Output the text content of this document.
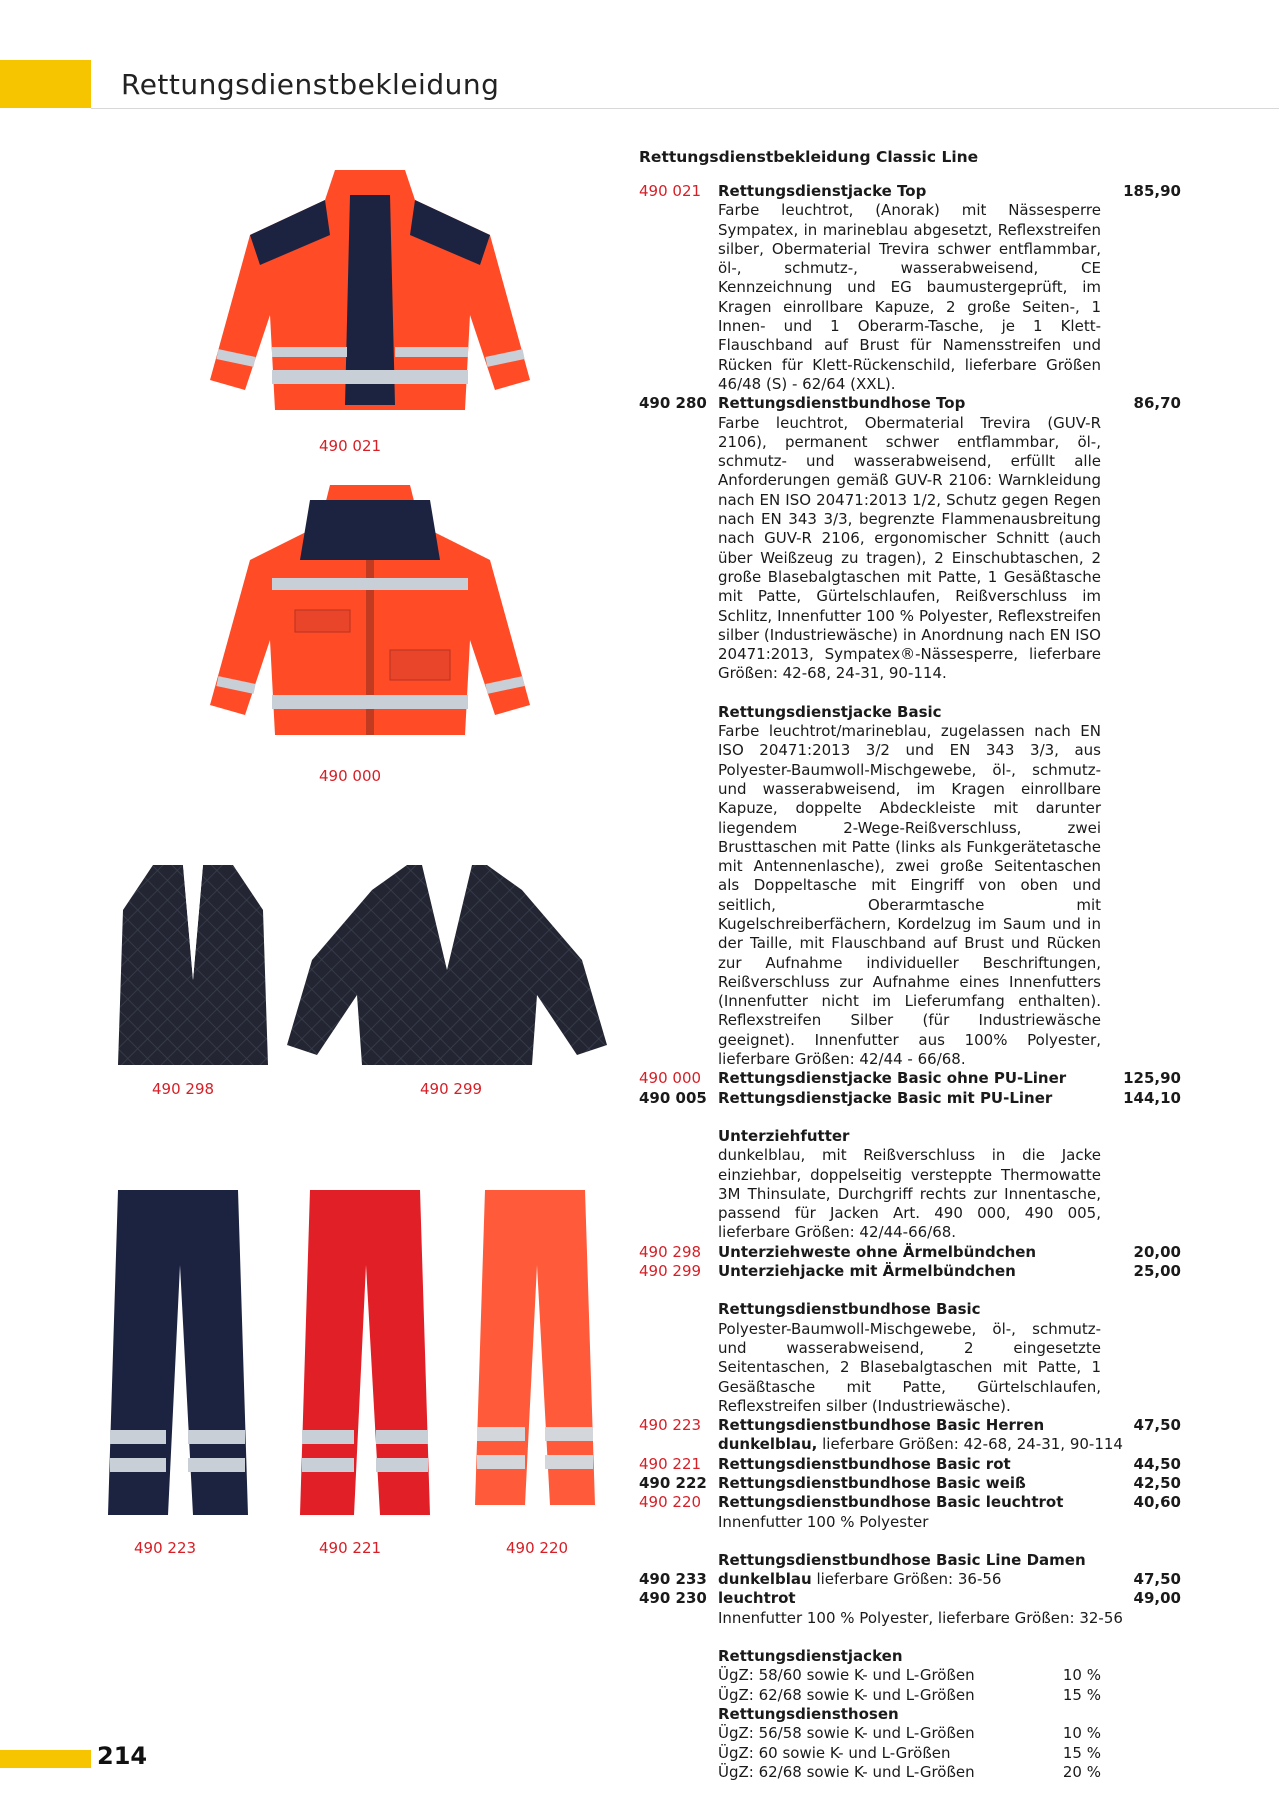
Rettungsdienstbekleidung
490 021
490 000
490 298	490 299
490 223	490 221	490 220
Rettungsdienstbekleidung Classic Line
490 021	Rettungsdienstjacke Top	185,90
Farbe leuchtrot, (Anorak) mit Nässesperre Sympatex, in marineblau abgesetzt, Reflexstreifen silber, Obermaterial Trevira schwer entflammbar, öl-, schmutz-, wasserabweisend, CE Kennzeichnung und EG baumustergeprüft, im Kragen einrollbare Kapuze, 2 große Seiten-, 1 Innen- und 1 Oberarm-Tasche, je 1 Klett-Flauschband auf Brust für Namensstreifen und Rücken für Klett-Rückenschild, lieferbare Größen 46/48 (S) - 62/64 (XXL).
490 280 Rettungsdienstbundhose Top	86,70
Farbe leuchtrot, Obermaterial Trevira (GUV-R 2106), permanent schwer entflammbar, öl-, schmutz- und wasserabweisend, erfüllt alle Anforderungen gemäß GUV-R 2106: Warnkleidung nach EN ISO 20471:2013 1/2, Schutz gegen Regen nach EN 343 3/3, begrenzte Flammenausbreitung nach GUV-R 2106, ergonomischer Schnitt (auch über Weißzeug zu tragen), 2 Einschubtaschen, 2 große Blasebalgtaschen mit Patte, 1 Gesäßtasche mit Patte, Gürtelschlaufen, Reißverschluss im Schlitz, Innenfutter 100 % Polyester, Reflexstreifen silber (Industriewäsche) in Anordnung nach EN ISO 20471:2013, Sympatex®-Nässesperre, lieferbare Größen: 42-68, 24-31, 90-114.
Rettungsdienstjacke Basic
Farbe leuchtrot/marineblau, zugelassen nach EN ISO 20471:2013 3/2 und EN 343 3/3, aus Polyester-Baumwoll-Mischgewebe, öl-, schmutz- und wasserabweisend, im Kragen einrollbare Kapuze, doppelte Abdeckleiste mit darunter liegendem 2-Wege-Reißverschluss, zwei Brusttaschen mit Patte (links als Funkgerätetasche mit Antennenlasche), zwei große Seitentaschen als Doppeltasche mit Eingriff von oben und seitlich, Oberarmtasche mit Kugelschreiberfächern, Kordelzug im Saum und in der Taille, mit Flauschband auf Brust und Rücken zur Aufnahme individueller Beschriftungen, Reißverschluss zur Aufnahme eines Innenfutters (Innenfutter nicht im Lieferumfang enthalten). Reflexstreifen Silber (für Industriewäsche geeignet). Innenfutter aus 100% Polyester, lieferbare Größen: 42/44 - 66/68.
490 000	Rettungsdienstjacke Basic ohne PU-Liner	125,90
490 005 Rettungsdienstjacke Basic mit PU-Liner	144,10
Unterziehfutter
dunkelblau, mit Reißverschluss in die Jacke einziehbar, doppelseitig versteppte Thermowatte 3M Thinsulate, Durchgriff rechts zur Innentasche, passend für Jacken Art. 490 000, 490 005, lieferbare Größen: 42/44-66/68.
490 298	Unterziehweste ohne Ärmelbündchen	20,00
490 299	Unterziehjacke mit Ärmelbündchen	25,00
Rettungsdienstbundhose Basic
Polyester-Baumwoll-Mischgewebe, öl-, schmutz- und wasserabweisend, 2 eingesetzte Seitentaschen, 2 Blasebalgtaschen mit Patte, 1 Gesäßtasche mit Patte, Gürtelschlaufen, Reflexstreifen silber (Industriewäsche).
490 223	Rettungsdienstbundhose Basic Herren	47,50
dunkelblau, lieferbare Größen: 42-68, 24-31, 90-114
490 221	Rettungsdienstbundhose Basic rot	44,50
490 222 Rettungsdienstbundhose Basic weiß	42,50
490 220	Rettungsdienstbundhose Basic leuchtrot	40,60
Innenfutter 100 % Polyester
Rettungsdienstbundhose Basic Line Damen
490 233 dunkelblau lieferbare Größen: 36-56	47,50
490 230 leuchtrot	49,00
Innenfutter 100 % Polyester, lieferbare Größen: 32-56
Rettungsdienstjacken
ÜgZ: 58/60 sowie K- und L-Größen	10 %
ÜgZ: 62/68 sowie K- und L-Größen	15 %
Rettungsdiensthosen
ÜgZ: 56/58 sowie K- und L-Größen	10 %
ÜgZ: 60 sowie K- und L-Größen	15 %
ÜgZ: 62/68 sowie K- und L-Größen	20 %
214
